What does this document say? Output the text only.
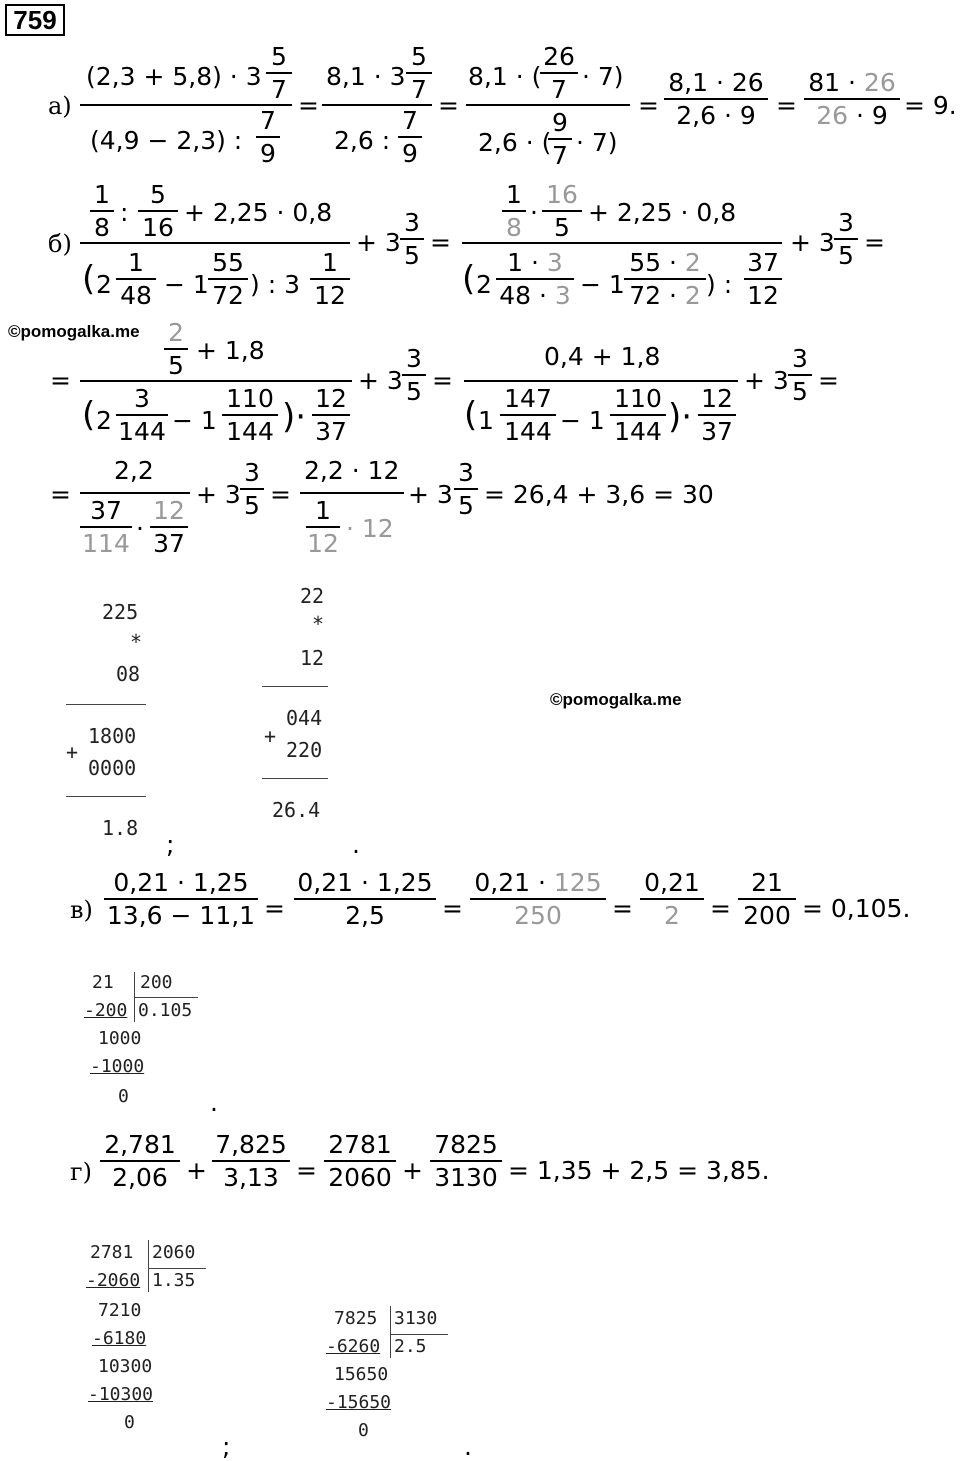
759
а)
(2,3 + 5,8) · 3
5
7
(4,9 − 2,3) :
7
9
=
8,1 · 3
5
7
2,6 :
7
9
=
8,1 · (
26
7 · 7)
2,6 · (
9
7 · 7)
=
8,1 · 26
2,6 · 9 =
81 · 26
26 · 9 = 9.
б)
1
8
:
5
16
+ 2,25 · 0,8
( 2
1
48 − 1
55
72 ) : 3
1
12
+ 3
3
5 =
1
8
·
16
5
+ 2,25 · 0,8
( 2
1 · 3
48 · 3 − 1
55 · 2
72 · 2 ) :
37
12
+ 3
3
5 =
©pomogalka.me
=
2
5
+ 1,8
( 2
3
144 − 1
110
144 )· 12
37
+ 3
3
5 =
0,4 + 1,8
( 1
147
144 − 1
110
144 )· 12
37
+ 3
3
5 =
=
2,2
37
114
·
12
37
+ 3
3
5 =
2,2 · 12
1
12
· 12
+ 3
3
5 = 26,4 + 3,6 = 30
225
*
08
1800
+
0000
1.8
;
22
*
12
044
+
220
26.4
.
©pomogalka.me
в)
0,21 · 1,25
13,6 − 11,1 =
0,21 · 1,25
2,5	=
0,21 · 125
250	=
0,21
2	=
21
200 = 0,105.
21 200
-200 0.105
1000
-1000
0	.
г)
2,781
2,06 +
7,825
3,13 =
2781
2060 +
7825
3130 = 1,35 + 2,5 = 3,85.
2781 2060
-2060 1.35
7210
-6180
10300
-10300
0
;
7825 3130
-6260 2.5
15650
-15650
0
.
